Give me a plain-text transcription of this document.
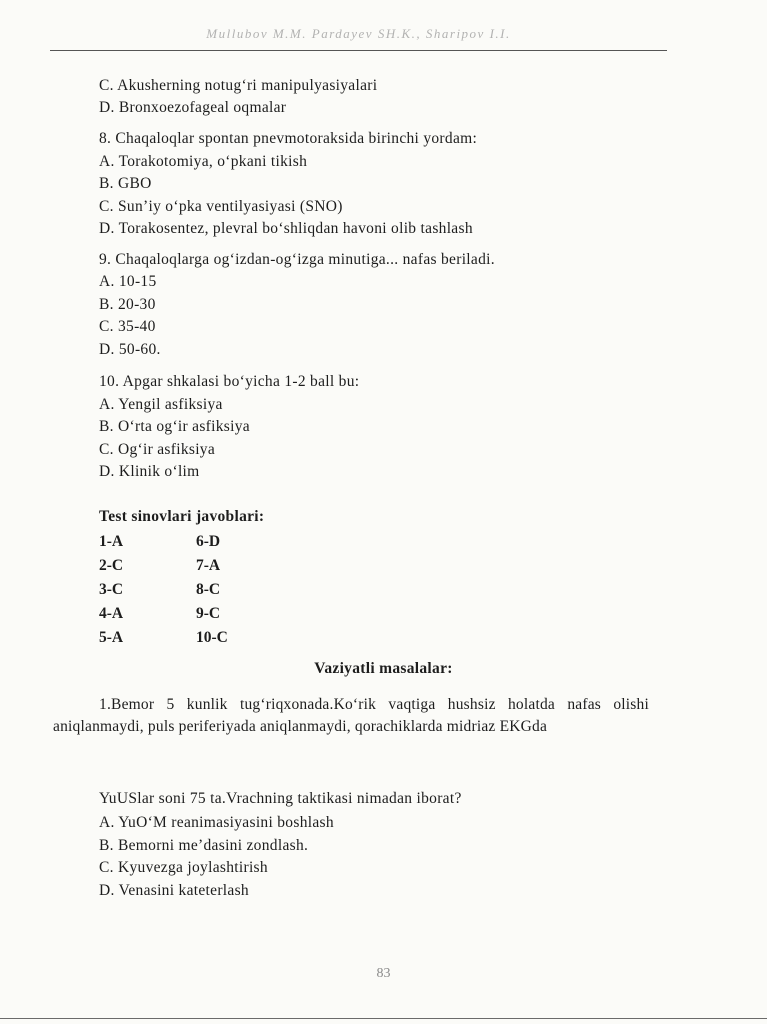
Mullubov M.M. Pardayev SH.K., Sharipov I.I.
C. Akusherning notug‘ri manipulyasiyalari
D. Bronxoezofageal oqmalar
8. Chaqaloqlar spontan pnevmotoraksida birinchi yordam:
A. Torakotomiya, o‘pkani tikish
B. GBO
C. Sun’iy o‘pka ventilyasiyasi (SNO)
D. Torakosentez, plevral bo‘shliqdan havoni olib tashlash
9. Chaqaloqlarga og‘izdan-og‘izga minutiga... nafas beriladi.
A. 10-15
B. 20-30
C. 35-40
D. 50-60.
10. Apgar shkalasi bo‘yicha 1-2 ball bu:
A. Yengil asfiksiya
B. O‘rta og‘ir asfiksiya
C. Og‘ir asfiksiya
D. Klinik o‘lim
Test sinovlari javoblari:
1-A
2-C
3-C
4-A
5-A
6-D
7-A
8-C
9-C
10-C
Vaziyatli masalalar:
1.Bemor 5 kunlik tug‘riqxonada.Ko‘rik vaqtiga hushsiz holatda nafas olishi aniqlanmaydi, puls periferiyada aniqlanmaydi, qorachiklarda midriaz EKGda
YuUSlar soni 75 ta.Vrachning taktikasi nimadan iborat?
A. YuO‘M reanimasiyasini boshlash
B. Bemorni me’dasini zondlash.
C. Kyuvezga joylashtirish
D. Venasini kateterlash
83
